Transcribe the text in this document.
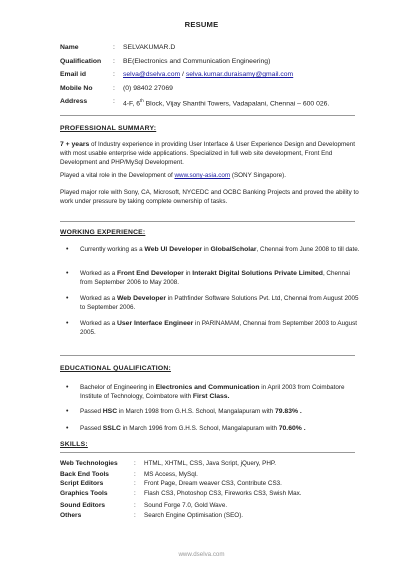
RESUME
Name	: SELVAKUMAR.D
Qualification : BE(Electronics and Communication Engineering)
Email id	: selva@dselva.com / selva.kumar.duraisamy@gmail.com
Mobile No	: (0) 98402 27069
Address	: 4-F, 6th Block, Vijay Shanthi Towers, Vadapalani, Chennai – 600 026.
PROFESSIONAL SUMMARY:
7 + years of Industry experience in providing User Interface & User Experience Design and Development with most usable enterprise wide applications. Specialized in full web site development, Front End Development and PHP/MySql Development.
Played a vital role in the Development of www.sony-asia.com (SONY Singapore).
Played major role with Sony, CA, Microsoft, NYCEDC and OCBC Banking Projects and proved the ability to work under pressure by taking complete ownership of tasks.
WORKING EXPERIENCE:
• Currently working as a Web UI Developer in GlobalScholar, Chennai from June 2008 to till date.
• Worked as a Front End Developer in Interakt Digital Solutions Private Limited, Chennai from September 2006 to May 2008.
• Worked as a Web Developer in Pathfinder Software Solutions Pvt. Ltd, Chennai from August 2005 to September 2006.
• Worked as a User Interface Engineer in PARINAMAM, Chennai from September 2003 to August 2005.
EDUCATIONAL QUALIFICATION:
• Bachelor of Engineering in Electronics and Communication in April 2003 from Coimbatore Institute of Technology, Coimbatore with First Class.
• Passed HSC in March 1998 from G.H.S. School, Mangalapuram with 79.83% .
• Passed SSLC in March 1996 from G.H.S. School, Mangalapuram with 70.60% .
SKILLS:
Web Technologies	: HTML, XHTML, CSS, Java Script, jQuery, PHP.
Back End Tools	: MS Access, MySql.
Script Editors	: Front Page, Dream weaver CS3, Contribute CS3.
Graphics Tools	: Flash CS3, Photoshop CS3, Fireworks CS3, Swish Max.
Sound Editors	: Sound Forge 7.0, Gold Wave.
Others	: Search Engine Optimisation (SEO).
www.dselva.com
